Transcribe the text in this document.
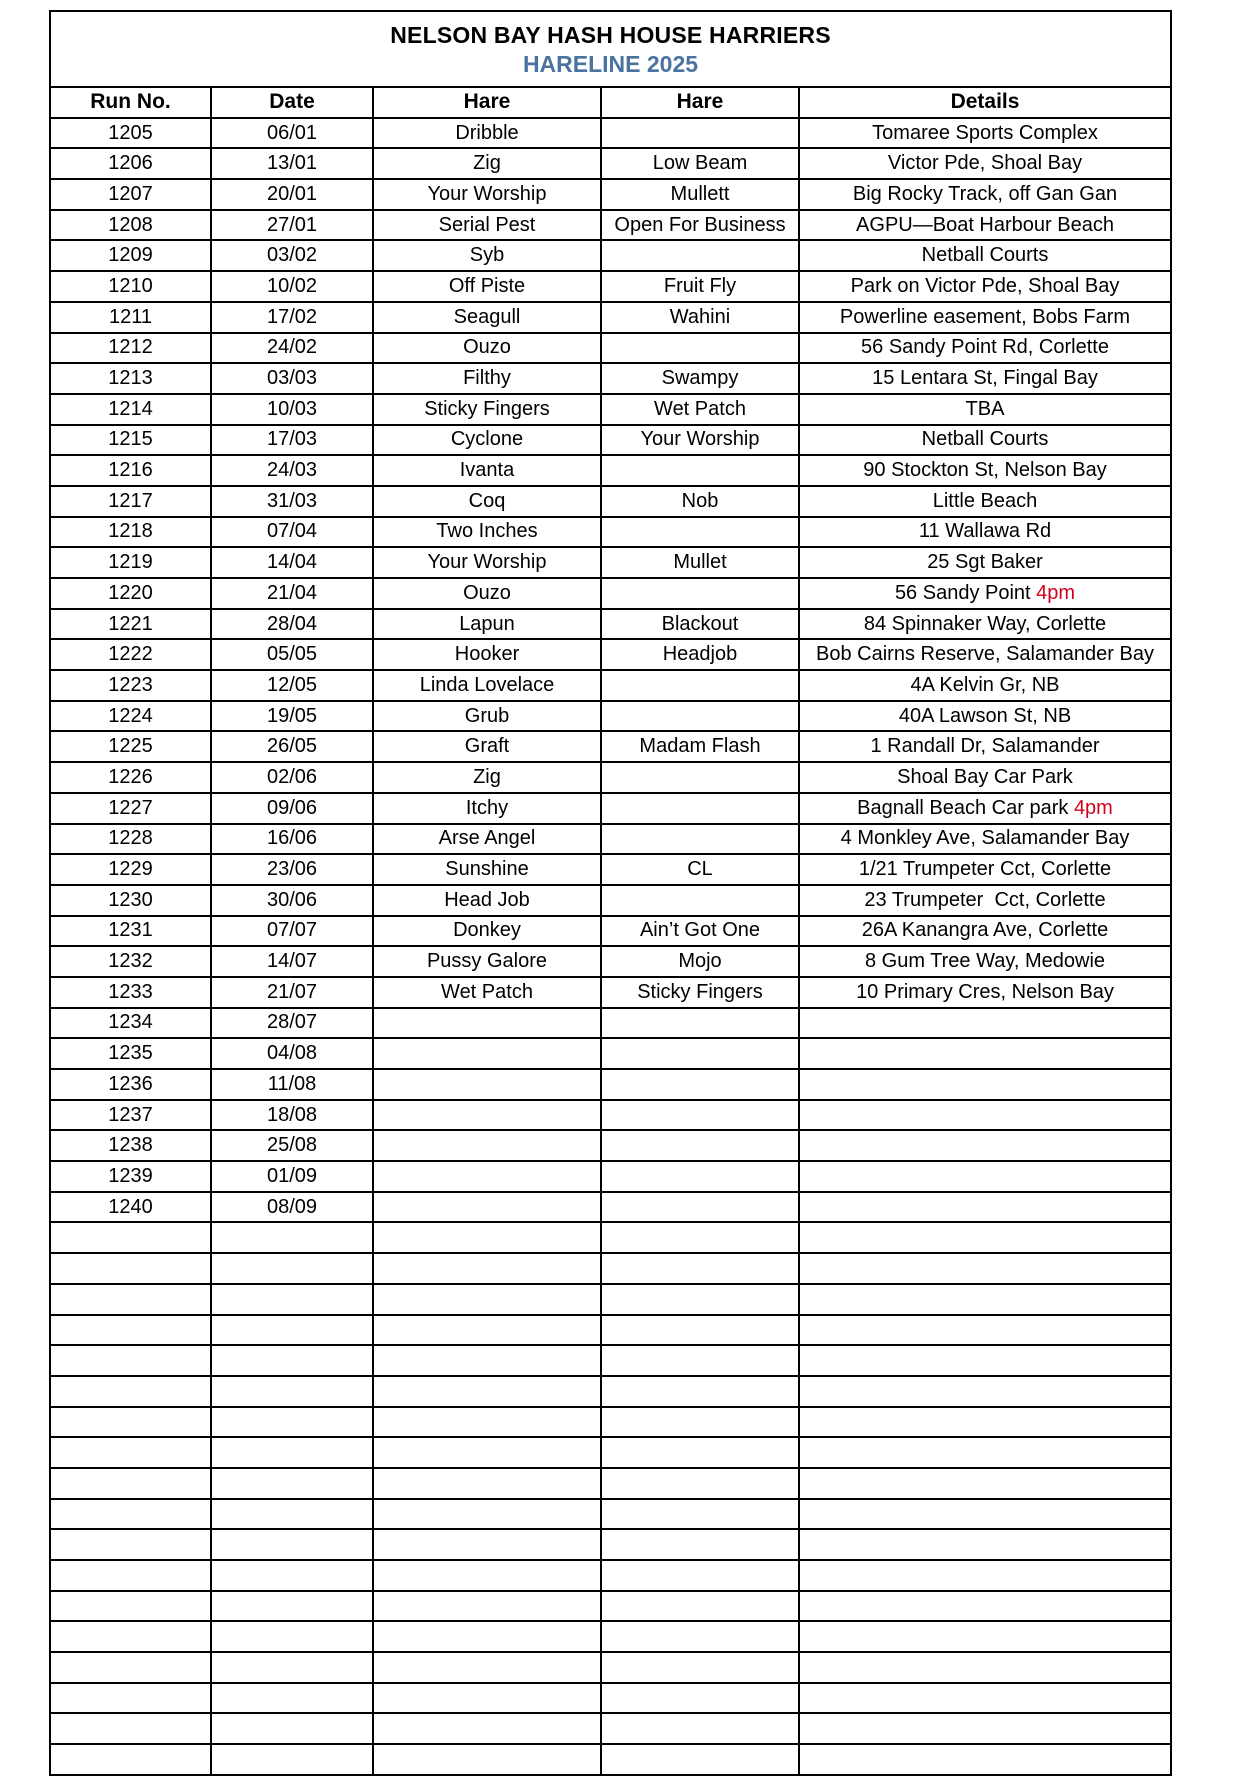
NELSON BAY HASH HOUSE HARRIERS
HARELINE 2025
Run No.	Date	Hare	Hare	Details
1205	06/01	Dribble		Tomaree Sports Complex
1206	13/01	Zig	Low Beam	Victor Pde, Shoal Bay
1207	20/01	Your Worship	Mullett	Big Rocky Track, off Gan Gan
1208	27/01	Serial Pest	Open For Business	AGPU—Boat Harbour Beach
1209	03/02	Syb		Netball Courts
1210	10/02	Off Piste	Fruit Fly	Park on Victor Pde, Shoal Bay
1211	17/02	Seagull	Wahini	Powerline easement, Bobs Farm
1212	24/02	Ouzo		56 Sandy Point Rd, Corlette
1213	03/03	Filthy	Swampy	15 Lentara St, Fingal Bay
1214	10/03	Sticky Fingers	Wet Patch	TBA
1215	17/03	Cyclone	Your Worship	Netball Courts
1216	24/03	Ivanta		90 Stockton St, Nelson Bay
1217	31/03	Coq	Nob	Little Beach
1218	07/04	Two Inches		11 Wallawa Rd
1219	14/04	Your Worship	Mullet	25 Sgt Baker
1220	21/04	Ouzo		56 Sandy Point 4pm
1221	28/04	Lapun	Blackout	84 Spinnaker Way, Corlette
1222	05/05	Hooker	Headjob	Bob Cairns Reserve, Salamander Bay
1223	12/05	Linda Lovelace		4A Kelvin Gr, NB
1224	19/05	Grub		40A Lawson St, NB
1225	26/05	Graft	Madam Flash	1 Randall Dr, Salamander
1226	02/06	Zig		Shoal Bay Car Park
1227	09/06	Itchy		Bagnall Beach Car park 4pm
1228	16/06	Arse Angel		4 Monkley Ave, Salamander Bay
1229	23/06	Sunshine	CL	1/21 Trumpeter Cct, Corlette
1230	30/06	Head Job		23 Trumpeter  Cct, Corlette
1231	07/07	Donkey	Ain’t Got One	26A Kanangra Ave, Corlette
1232	14/07	Pussy Galore	Mojo	8 Gum Tree Way, Medowie
1233	21/07	Wet Patch	Sticky Fingers	10 Primary Cres, Nelson Bay
1234	28/07			
1235	04/08			
1236	11/08			
1237	18/08			
1238	25/08			
1239	01/09			
1240	08/09			
